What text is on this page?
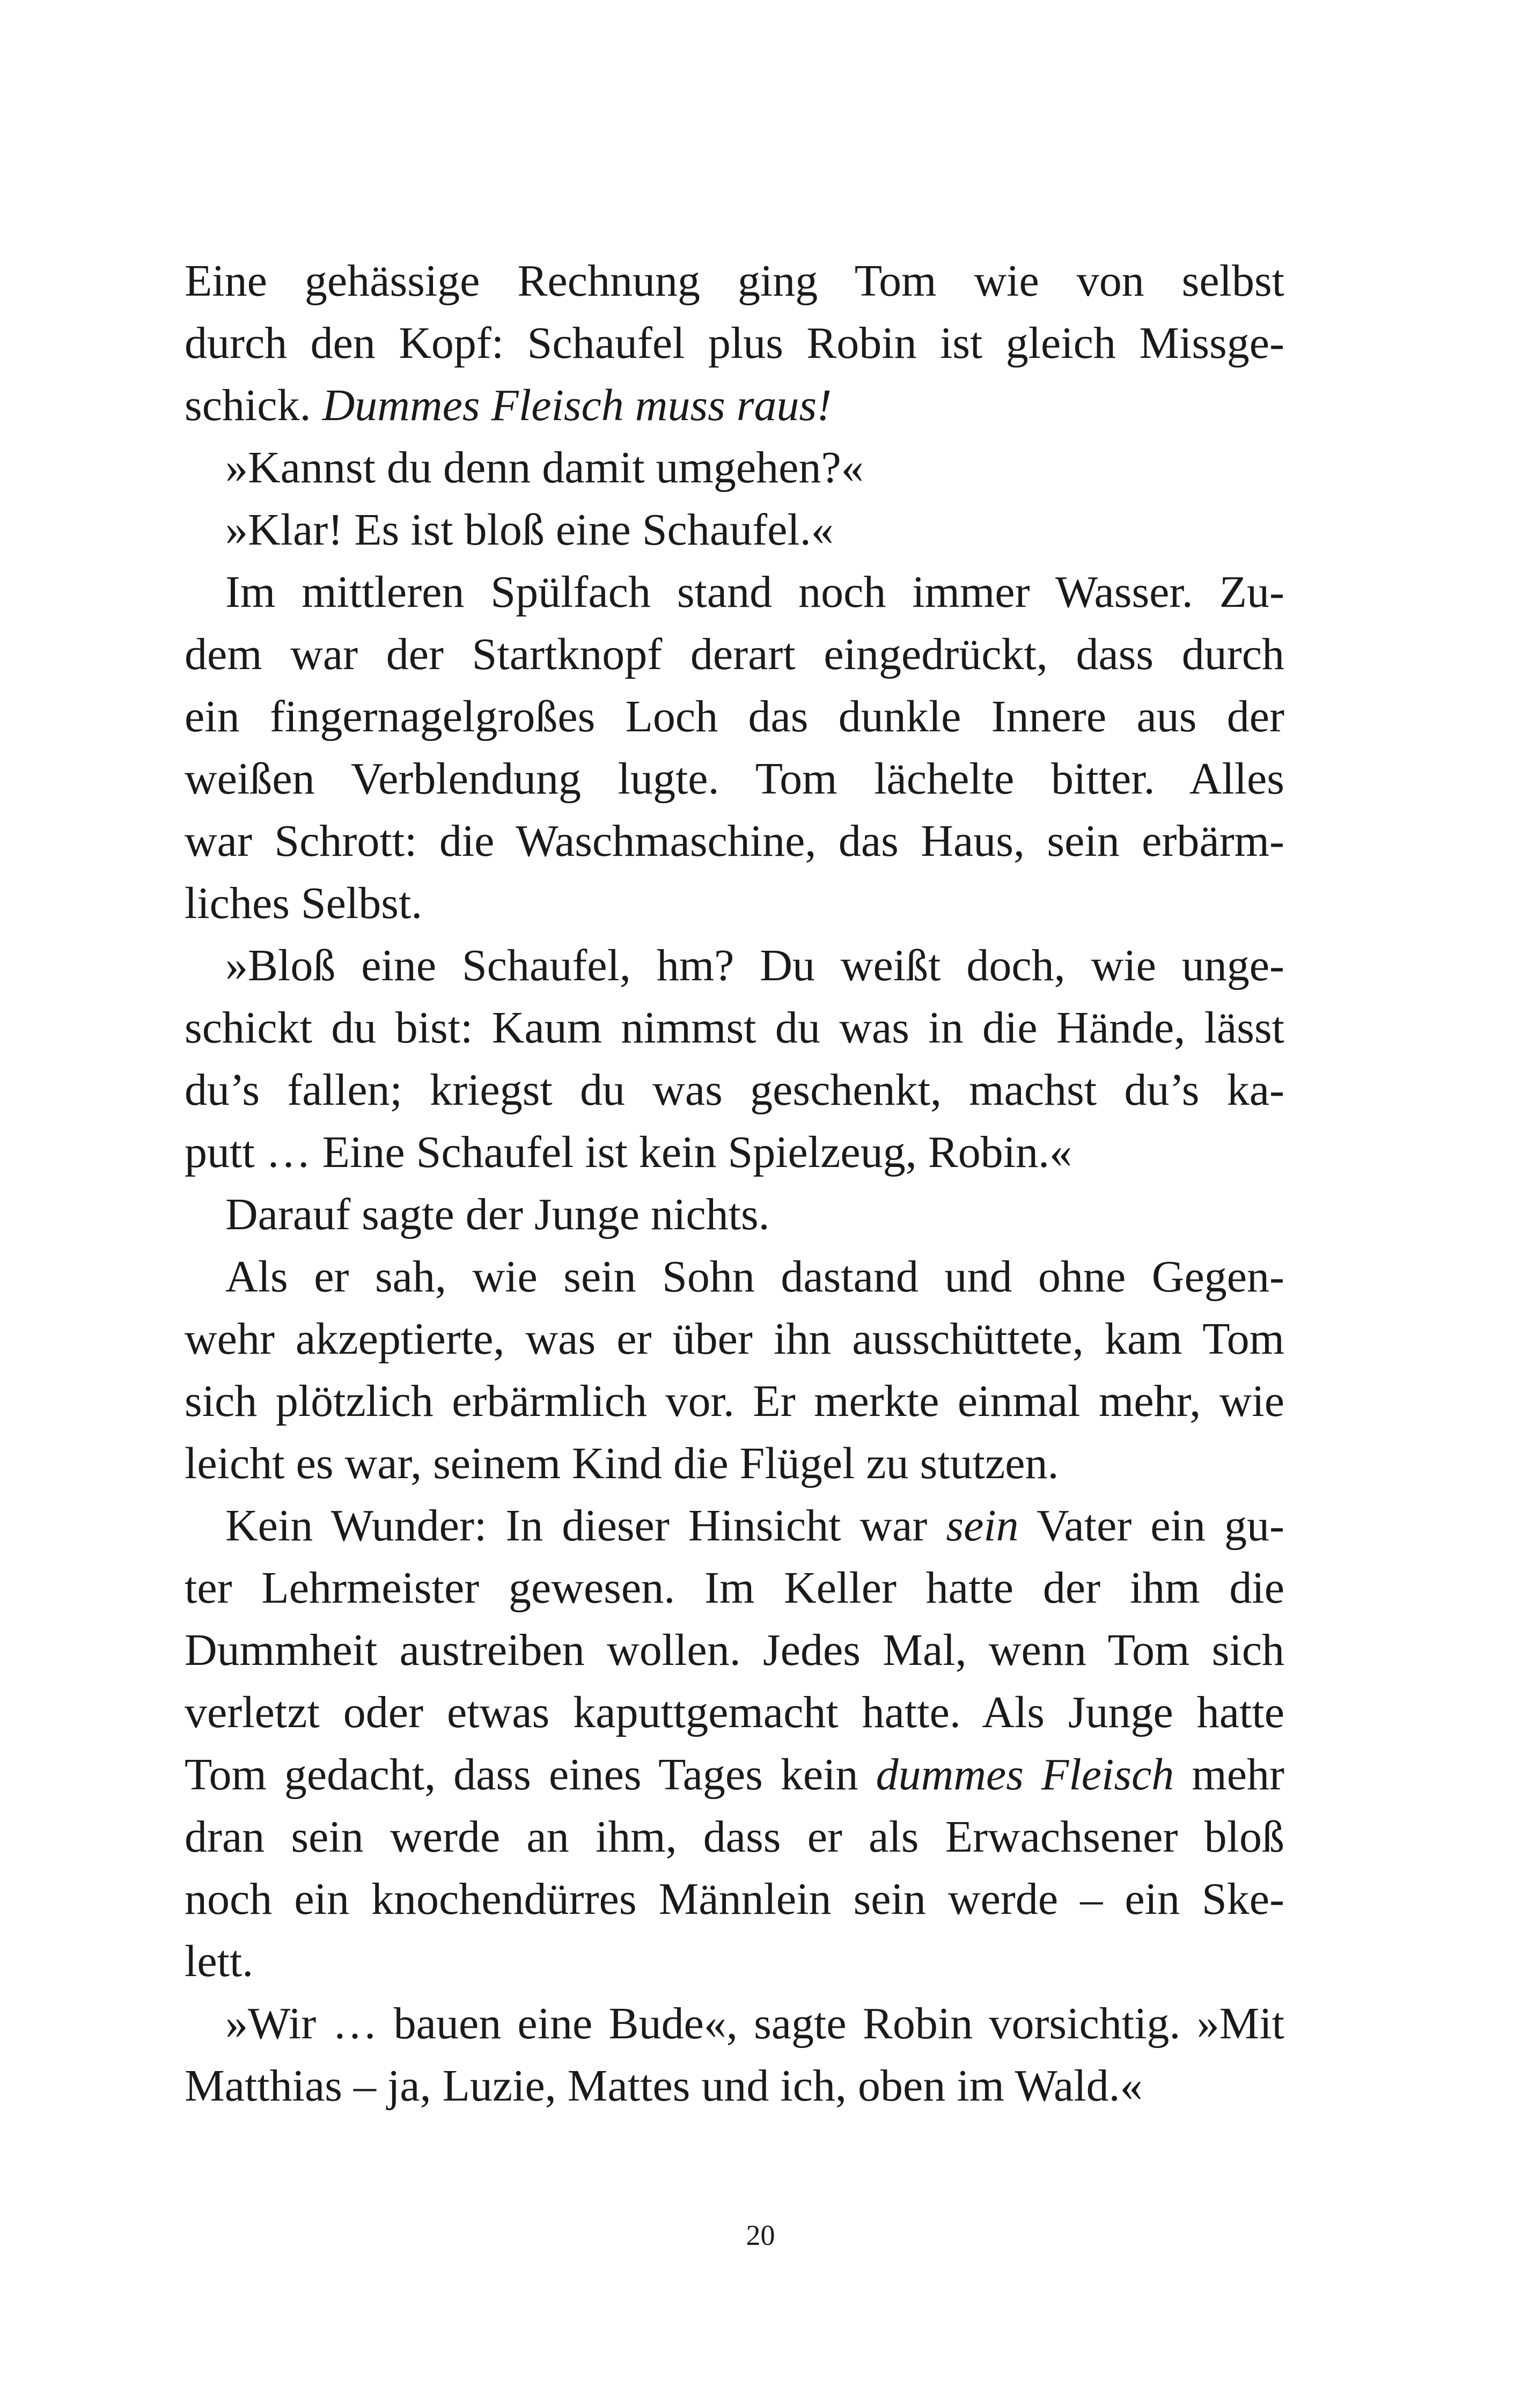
Eine gehässige Rechnung ging Tom wie von selbst
durch den Kopf: Schaufel plus Robin ist gleich Missge-
schick. Dummes Fleisch muss raus!
»Kannst du denn damit umgehen?«
»Klar! Es ist bloß eine Schaufel.«
Im mittleren Spülfach stand noch immer Wasser. Zu-
dem war der Startknopf derart eingedrückt, dass durch
ein fingernagelgroßes Loch das dunkle Innere aus der
weißen Verblendung lugte. Tom lächelte bitter. Alles
war Schrott: die Waschmaschine, das Haus, sein erbärm-
liches Selbst.
»Bloß eine Schaufel, hm? Du weißt doch, wie unge-
schickt du bist: Kaum nimmst du was in die Hände, lässt
du’s fallen; kriegst du was geschenkt, machst du’s ka-
putt … Eine Schaufel ist kein Spielzeug, Robin.«
Darauf sagte der Junge nichts.
Als er sah, wie sein Sohn dastand und ohne Gegen-
wehr akzeptierte, was er über ihn ausschüttete, kam Tom
sich plötzlich erbärmlich vor. Er merkte einmal mehr, wie
leicht es war, seinem Kind die Flügel zu stutzen.
Kein Wunder: In dieser Hinsicht war sein Vater ein gu-
ter Lehrmeister gewesen. Im Keller hatte der ihm die
Dummheit austreiben wollen. Jedes Mal, wenn Tom sich
verletzt oder etwas kaputtgemacht hatte. Als Junge hatte
Tom gedacht, dass eines Tages kein dummes Fleisch mehr
dran sein werde an ihm, dass er als Erwachsener bloß
noch ein knochendürres Männlein sein werde – ein Ske-
lett.
»Wir … bauen eine Bude«, sagte Robin vorsichtig. »Mit
Matthias – ja, Luzie, Mattes und ich, oben im Wald.«
20
